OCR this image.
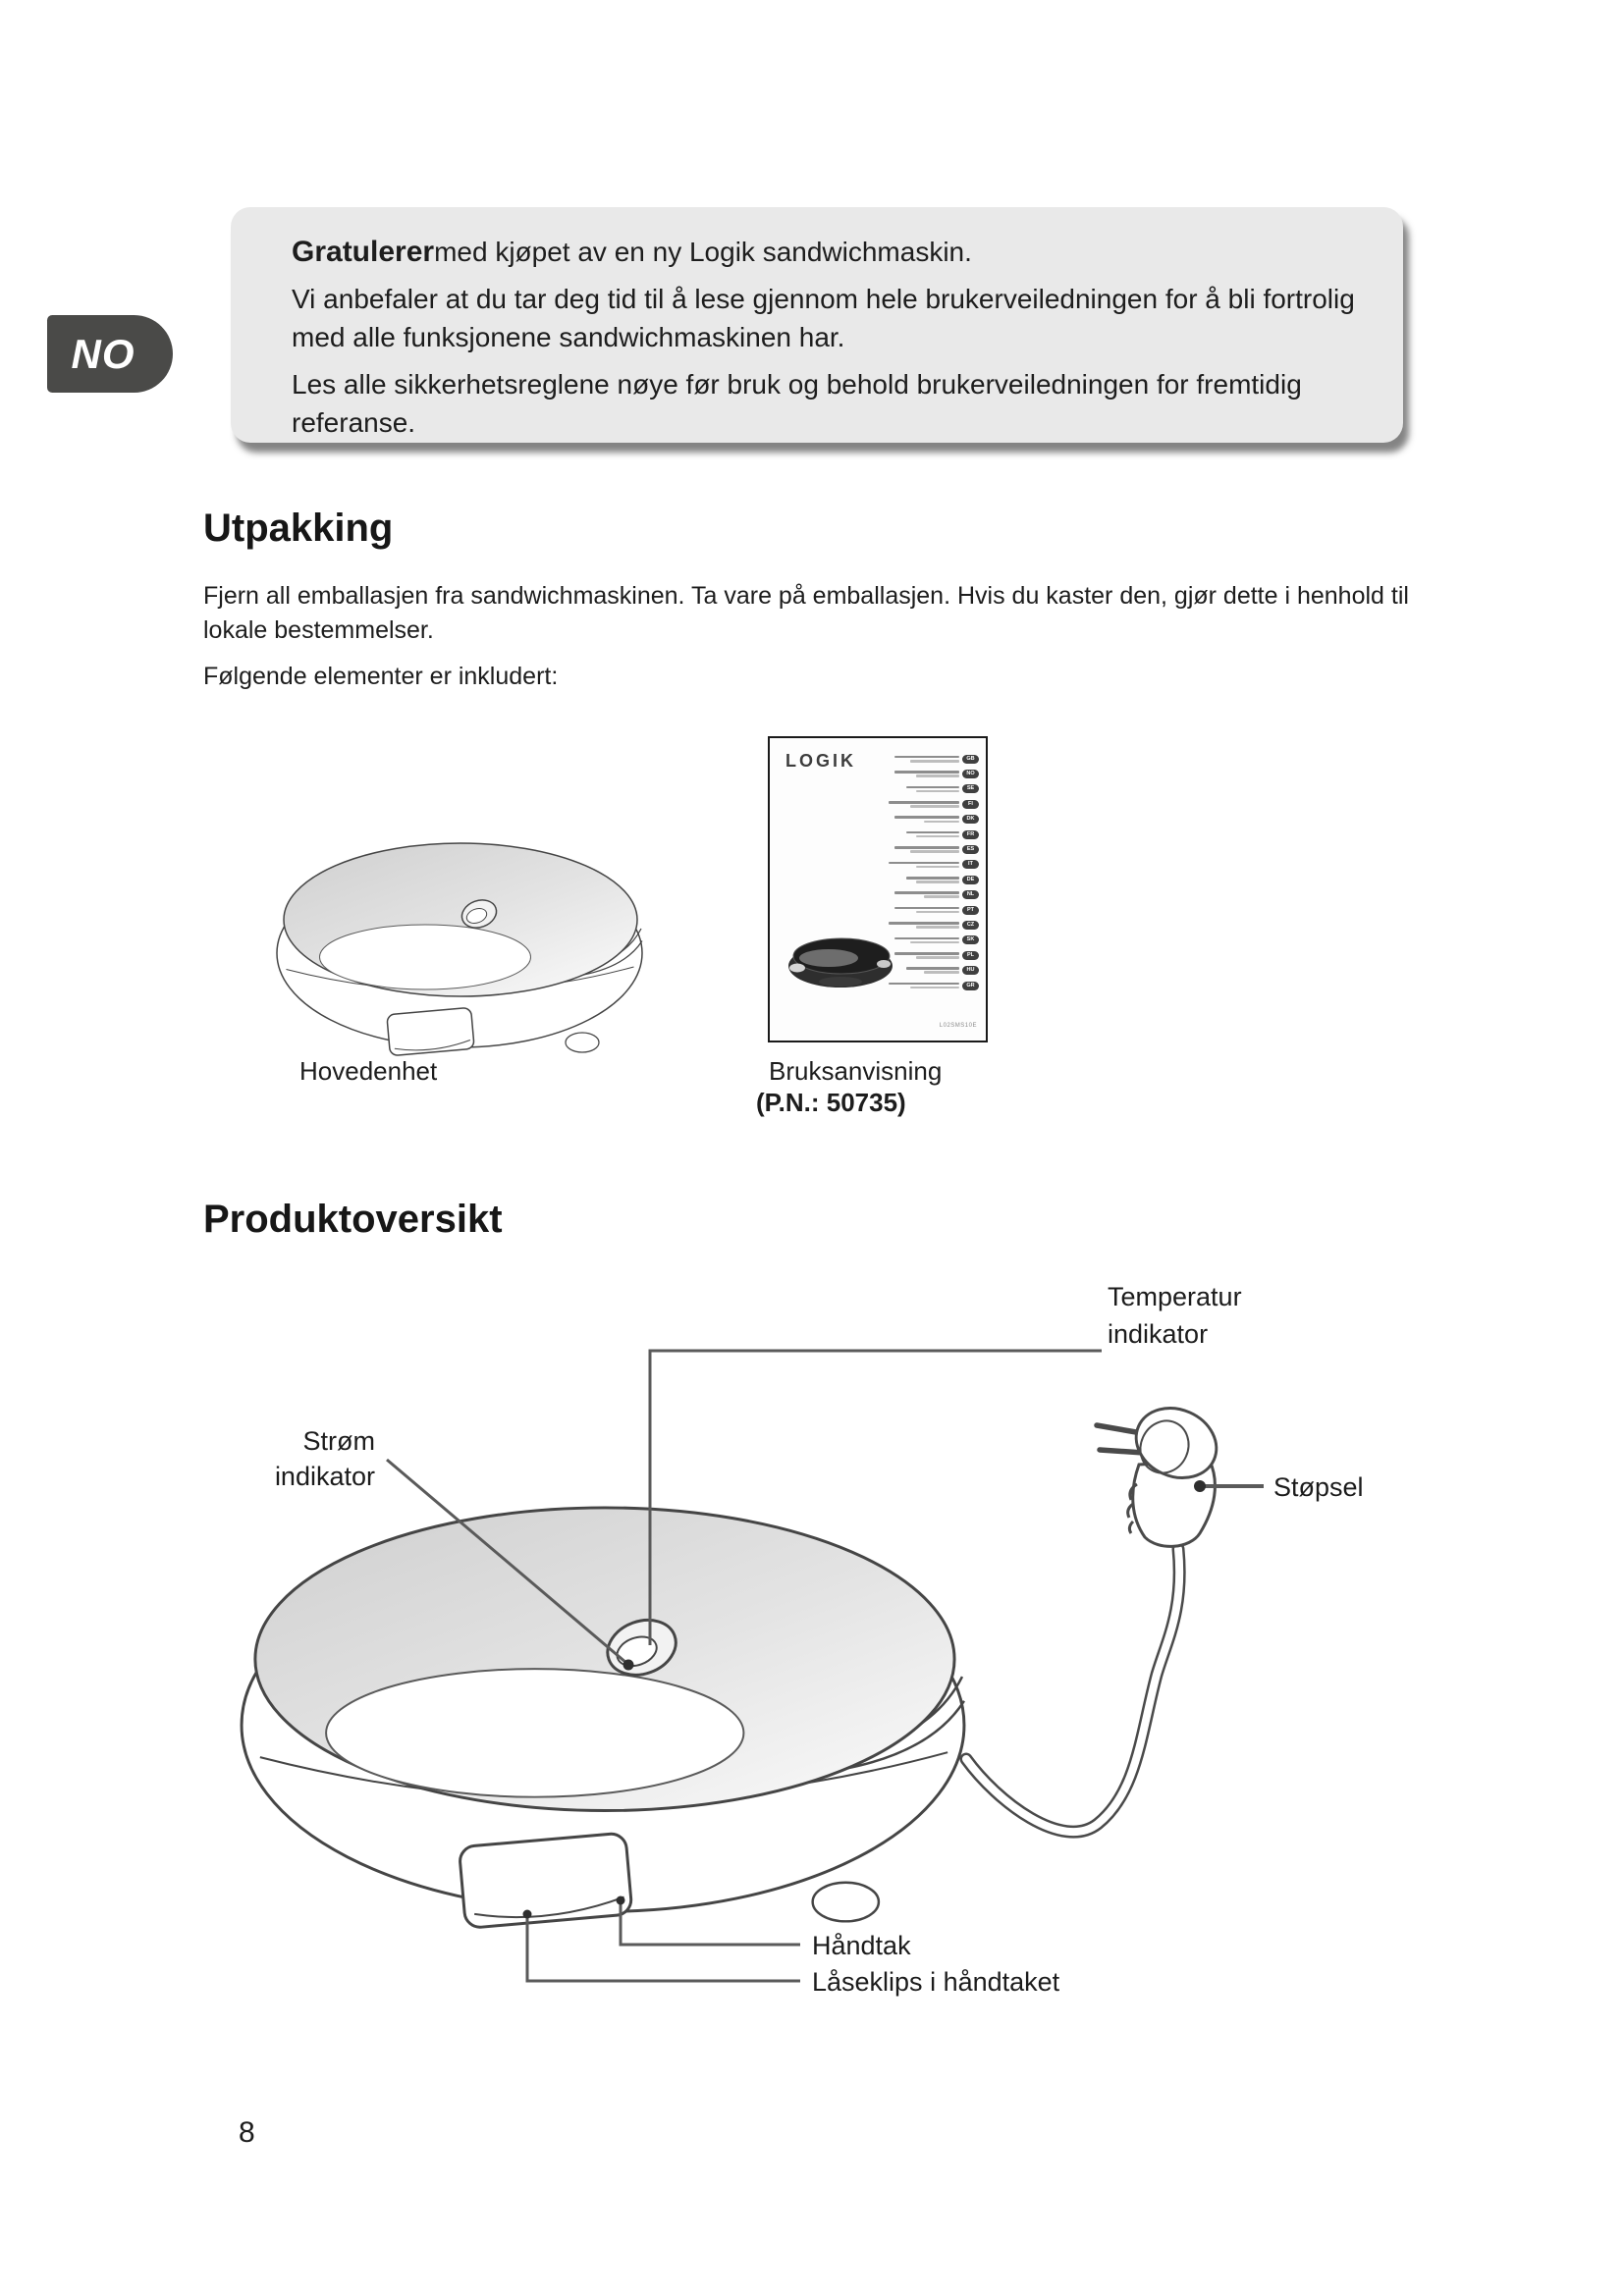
NO

Gratulerermed kjøpet av en ny Logik sandwichmaskin.

Vi anbefaler at du tar deg tid til å lese gjennom hele brukerveiledningen for å bli fortrolig med alle funksjonene sandwichmaskinen har.

Les alle sikkerhetsreglene nøye før bruk og behold brukerveiledningen for fremtidig referanse.

Utpakking
Fjern all emballasjen fra sandwichmaskinen. Ta vare på emballasjen. Hvis du kaster den, gjør dette i henhold til lokale bestemmelser.
Følgende elementer er inkludert:
Hovedenhet
LOGIK	GB
NO
SE
FI
DK
FR
ES
IT
DE
NL
PT
CZ
SK
PL
HU
GR
L02SMS10E
Bruksanvisning
(P.N.: 50735)
Produktoversikt
Temperatur
indikator
Strøm
indikator	Støpsel
Håndtak
Låseklips i håndtaket
8
